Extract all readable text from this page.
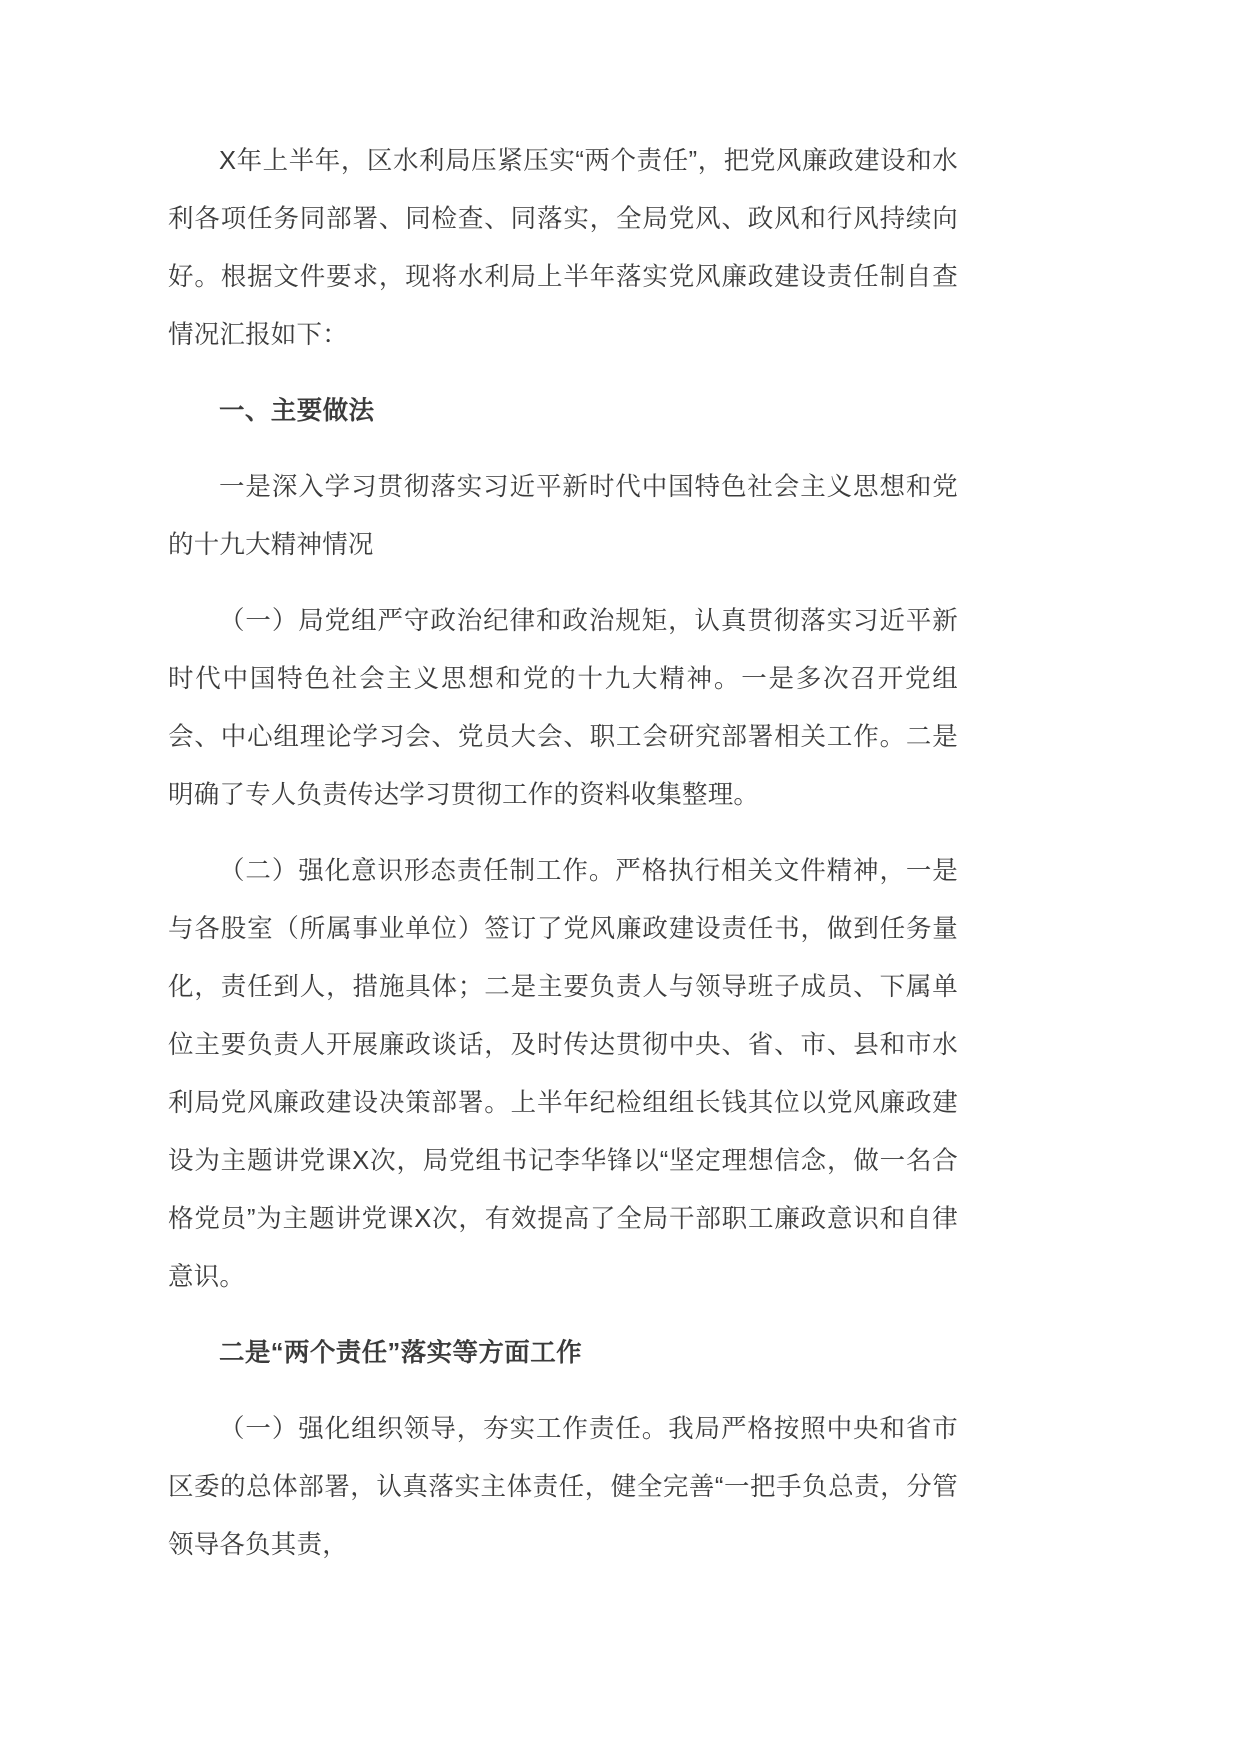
X年上半年，区水利局压紧压实“两个责任”，把党风廉政建设和水利各项任务同部署、同检查、同落实，全局党风、政风和行风持续向好。根据文件要求，现将水利局上半年落实党风廉政建设责任制自查情况汇报如下：

一、主要做法

一是深入学习贯彻落实习近平新时代中国特色社会主义思想和党的十九大精神情况

（一）局党组严守政治纪律和政治规矩，认真贯彻落实习近平新时代中国特色社会主义思想和党的十九大精神。一是多次召开党组会、中心组理论学习会、党员大会、职工会研究部署相关工作。二是明确了专人负责传达学习贯彻工作的资料收集整理。

（二）强化意识形态责任制工作。严格执行相关文件精神，一是与各股室（所属事业单位）签订了党风廉政建设责任书，做到任务量化，责任到人，措施具体；二是主要负责人与领导班子成员、下属单位主要负责人开展廉政谈话，及时传达贯彻中央、省、市、县和市水利局党风廉政建设决策部署。上半年纪检组组长钱其位以党风廉政建设为主题讲党课X次，局党组书记李华锋以“坚定理想信念，做一名合格党员”为主题讲党课X次，有效提高了全局干部职工廉政意识和自律意识。

二是“两个责任”落实等方面工作

（一）强化组织领导，夯实工作责任。我局严格按照中央和省市区委的总体部署，认真落实主体责任，健全完善“一把手负总责，分管领导各负其责，
